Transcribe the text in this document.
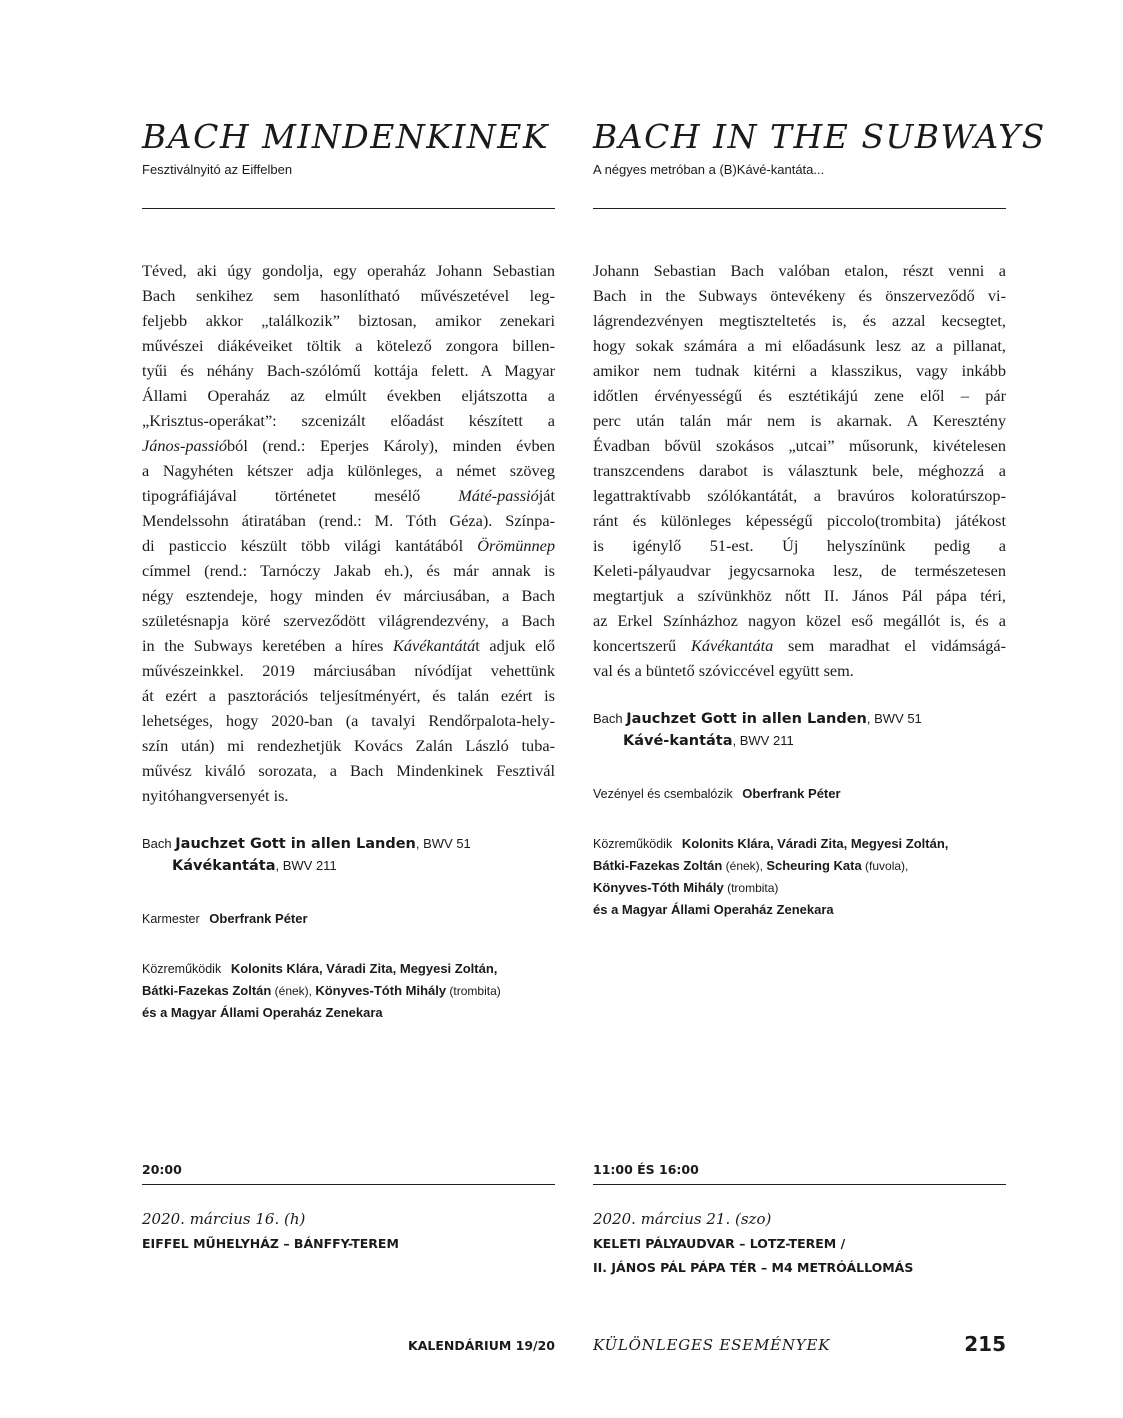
BACH MINDENKINEK
Fesztiválnyitó az Eiffelben
BACH IN THE SUBWAYS
A négyes metróban a (B)Kávé-kantáta...
Téved, aki úgy gondolja, egy operaház Johann Sebastian
Bach senkihez sem hasonlítható művészetével leg-
feljebb akkor „találkozik” biztosan, amikor zenekari
művészei diákéveiket töltik a kötelező zongora billen-
tyűi és néhány Bach-szólómű kottája felett. A Magyar
Állami Operaház az elmúlt években eljátszotta a
„Krisztus-operákat”: szcenizált előadást készített a
János-passióból (rend.: Eperjes Károly), minden évben
a Nagyhéten kétszer adja különleges, a német szöveg
tipográfiájával történetet mesélő Máté-passióját
Mendelssohn átiratában (rend.: M. Tóth Géza). Színpa-
di pasticcio készült több világi kantátából Örömünnep
címmel (rend.: Tarnóczy Jakab eh.), és már annak is
négy esztendeje, hogy minden év márciusában, a Bach
születésnapja köré szerveződött világrendezvény, a Bach
in the Subways keretében a híres Kávékantátát adjuk elő
művészeinkkel. 2019 márciusában nívódíjat vehettünk
át ezért a pasztorációs teljesítményért, és talán ezért is
lehetséges, hogy 2020-ban (a tavalyi Rendőrpalota-hely-
szín után) mi rendezhetjük Kovács Zalán László tuba-
művész kiváló sorozata, a Bach Mindenkinek Fesztivál
nyitóhangversenyét is.
Johann Sebastian Bach valóban etalon, részt venni a
Bach in the Subways öntevékeny és önszerveződő vi-
lágrendezvényen megtiszteltetés is, és azzal kecsegtet,
hogy sokak számára a mi előadásunk lesz az a pillanat,
amikor nem tudnak kitérni a klasszikus, vagy inkább
időtlen érvényességű és esztétikájú zene elől – pár
perc után talán már nem is akarnak. A Keresztény
Évadban bővül szokásos „utcai” műsorunk, kivételesen
transzcendens darabot is választunk bele, méghozzá a
legattraktívabb szólókantátát, a bravúros koloratúrszop-
ránt és különleges képességű piccolo(trombita) játékost
is igénylő 51-est. Új helyszínünk pedig a
Keleti-pályaudvar jegycsarnoka lesz, de természetesen
megtartjuk a szívünkhöz nőtt II. János Pál pápa téri,
az Erkel Színházhoz nagyon közel eső megállót is, és a
koncertszerű Kávékantáta sem maradhat el vidámságá-
val és a büntető szóviccével együtt sem.
Bach Jauchzet Gott in allen Landen, BWV 51
Kávékantáta, BWV 211
Karmester Oberfrank Péter
Közreműködik Kolonits Klára, Váradi Zita, Megyesi Zoltán,
Bátki-Fazekas Zoltán (ének), Könyves-Tóth Mihály (trombita)
és a Magyar Állami Operaház Zenekara
Bach Jauchzet Gott in allen Landen, BWV 51
Kávé-kantáta, BWV 211
Vezényel és csembalózik Oberfrank Péter
Közreműködik Kolonits Klára, Váradi Zita, Megyesi Zoltán,
Bátki-Fazekas Zoltán (ének), Scheuring Kata (fuvola),
Könyves-Tóth Mihály (trombita)
és a Magyar Állami Operaház Zenekara
20:00
2020. március 16. (h)
EIFFEL MŰHELYHÁZ – BÁNFFY-TEREM
11:00 ÉS 16:00
2020. március 21. (szo)
KELETI PÁLYAUDVAR – LOTZ-TEREM /
II. JÁNOS PÁL PÁPA TÉR – M4 METRÓÁLLOMÁS
KALENDÁRIUM 19/20	KÜLÖNLEGES ESEMÉNYEK	215
